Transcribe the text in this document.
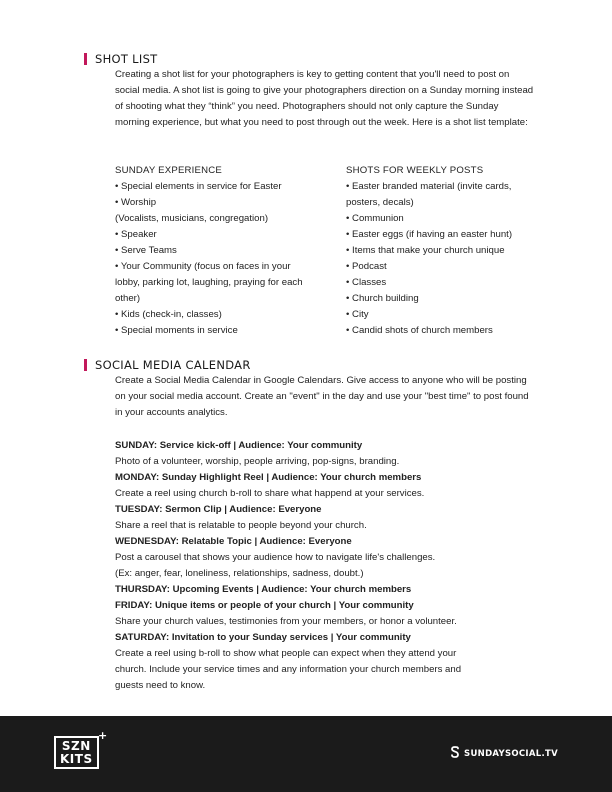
SHOT LIST
Creating a shot list for your photographers is key to getting content that you'll need to post on social media. A shot list is going to give your photographers direction on a Sunday morning instead of shooting what they “think” you need. Photographers should not only capture the Sunday morning experience, but what you need to post through out the week. Here is a shot list template:
SUNDAY EXPERIENCE
• Special elements in service for Easter
• Worship
(Vocalists, musicians, congregation)
• Speaker
• Serve Teams
• Your Community (focus on faces in your
lobby, parking lot, laughing, praying for each
other)
• Kids (check-in, classes)
• Special moments in service
SHOTS FOR WEEKLY POSTS
• Easter branded material (invite cards,
posters, decals)
• Communion
• Easter eggs (if having an easter hunt)
• Items that make your church unique
• Podcast
• Classes
• Church building
• City
• Candid shots of church members
SOCIAL MEDIA CALENDAR
Create a Social Media Calendar in Google Calendars. Give access to anyone who will be posting on your social media account. Create an "event" in the day and use your "best time" to post found in your accounts analytics.
SUNDAY: Service kick-off | Audience: Your community
Photo of a volunteer, worship, people arriving, pop-signs, branding.
MONDAY: Sunday Highlight Reel | Audience: Your church members
Create a reel using church b-roll to share what happend at your services.
TUESDAY: Sermon Clip | Audience: Everyone
Share a reel that is relatable to people beyond your church.
WEDNESDAY: Relatable Topic | Audience: Everyone
Post a carousel that shows your audience how to navigate life's challenges.
(Ex: anger, fear, loneliness, relationships, sadness, doubt.)
THURSDAY: Upcoming Events | Audience: Your church members
FRIDAY: Unique items or people of your church | Your community
Share your church values, testimonies from your members, or honor a volunteer.
SATURDAY: Invitation to your Sunday services | Your community
Create a reel using b-roll to show what people can expect when they attend your
church. Include your service times and any information your church members and
guests need to know.
SZN
KITS
+
SUNDAYSOCIAL.TV
